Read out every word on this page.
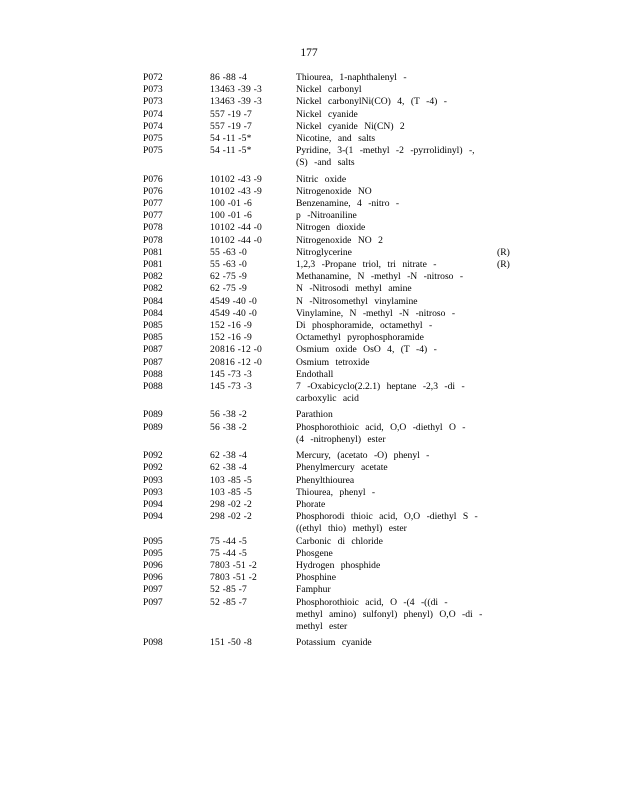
177
P072	86 -88 -4	Thiourea, 1-naphthalenyl -
P073	13463 -39 -3	Nickel carbonyl
P073	13463 -39 -3	Nickel carbonylNi(CO) 4, (T -4) -
P074	557 -19 -7	Nickel cyanide
P074	557 -19 -7	Nickel cyanide Ni(CN) 2
P075	54 -11 -5*	Nicotine, and salts
P075	54 -11 -5*	Pyridine, 3-(1 -methyl -2 -pyrrolidinyl) -,
(S) -and salts
P076	10102 -43 -9	Nitric oxide
P076	10102 -43 -9	Nitrogenoxide NO
P077	100 -01 -6	Benzenamine, 4 -nitro -
P077	100 -01 -6	p -Nitroaniline
P078	10102 -44 -0	Nitrogen dioxide
P078	10102 -44 -0	Nitrogenoxide NO 2
P081	55 -63 -0	Nitroglycerine	(R)
P081	55 -63 -0	1,2,3 -Propane triol, tri nitrate -	(R)
P082	62 -75 -9	Methanamine, N -methyl -N -nitroso -
P082	62 -75 -9	N -Nitrosodi methyl amine
P084	4549 -40 -0	N -Nitrosomethyl vinylamine
P084	4549 -40 -0	Vinylamine, N -methyl -N -nitroso -
P085	152 -16 -9	Di phosphoramide, octamethyl -
P085	152 -16 -9	Octamethyl pyrophosphoramide
P087	20816 -12 -0	Osmium oxide OsO 4, (T -4) -
P087	20816 -12 -0	Osmium tetroxide
P088	145 -73 -3	Endothall
P088	145 -73 -3	7 -Oxabicyclo(2.2.1) heptane -2,3 -di -
carboxylic acid
P089	56 -38 -2	Parathion
P089	56 -38 -2	Phosphorothioic acid, O,O -diethyl O -
(4 -nitrophenyl) ester
P092	62 -38 -4	Mercury, (acetato -O) phenyl -
P092	62 -38 -4	Phenylmercury acetate
P093	103 -85 -5	Phenylthiourea
P093	103 -85 -5	Thiourea, phenyl -
P094	298 -02 -2	Phorate
P094	298 -02 -2	Phosphorodi thioic acid, O,O -diethyl S -
((ethyl thio) methyl) ester
P095	75 -44 -5	Carbonic di chloride
P095	75 -44 -5	Phosgene
P096	7803 -51 -2	Hydrogen phosphide
P096	7803 -51 -2	Phosphine
P097	52 -85 -7	Famphur
P097	52 -85 -7	Phosphorothioic acid, O -(4 -((di -
methyl amino) sulfonyl) phenyl) O,O -di -
methyl ester
P098	151 -50 -8	Potassium cyanide
